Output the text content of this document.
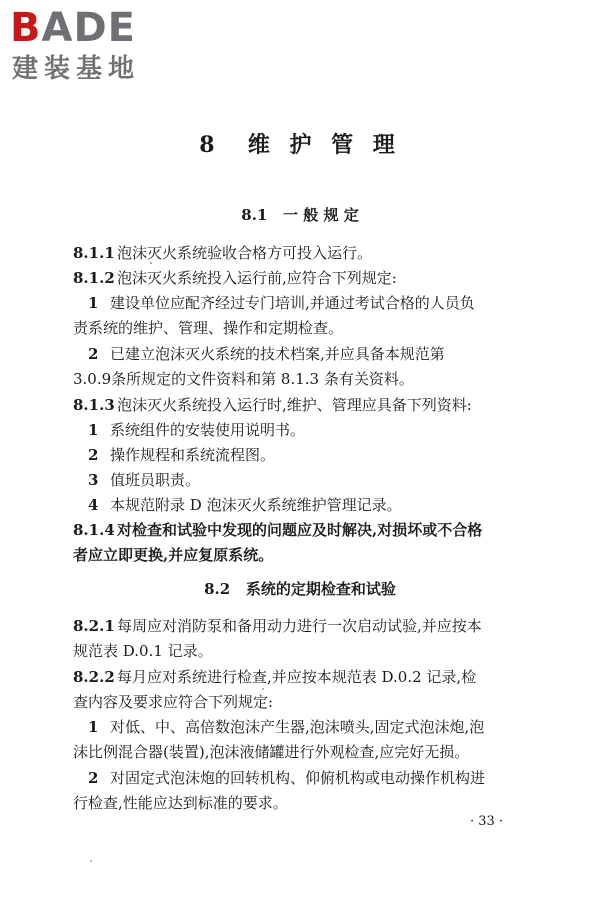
BADE
建装基地
8  维 护 管 理
8.1   一 般 规 定
8.1.1 泡沫灭火系统验收合格方可投入运行。
8.1.2 泡沫灭火系统投入运行前,应符合下列规定:
1 建设单位应配齐经过专门培训,并通过考试合格的人员负
责系统的维护、管理、操作和定期检查。
2 已建立泡沫灭火系统的技术档案,并应具备本规范第
3.0.9条所规定的文件资料和第 8.1.3 条有关资料。
8.1.3 泡沫灭火系统投入运行时,维护、管理应具备下列资料:
1 系统组件的安装使用说明书。
2 操作规程和系统流程图。
3 值班员职责。
4 本规范附录 D 泡沫灭火系统维护管理记录。
8.1.4 对检查和试验中发现的问题应及时解决,对损坏或不合格
者应立即更换,并应复原系统。
8.2   系统的定期检查和试验
8.2.1 每周应对消防泵和备用动力进行一次启动试验,并应按本
规范表 D.0.1 记录。
8.2.2 每月应对系统进行检查,并应按本规范表 D.0.2 记录,检
查内容及要求应符合下列规定:
1 对低、中、高倍数泡沫产生器,泡沫喷头,固定式泡沫炮,泡
沫比例混合器(装置),泡沫液储罐进行外观检查,应完好无损。
2 对固定式泡沫炮的回转机构、仰俯机构或电动操作机构进
行检查,性能应达到标准的要求。
· 33 ·
